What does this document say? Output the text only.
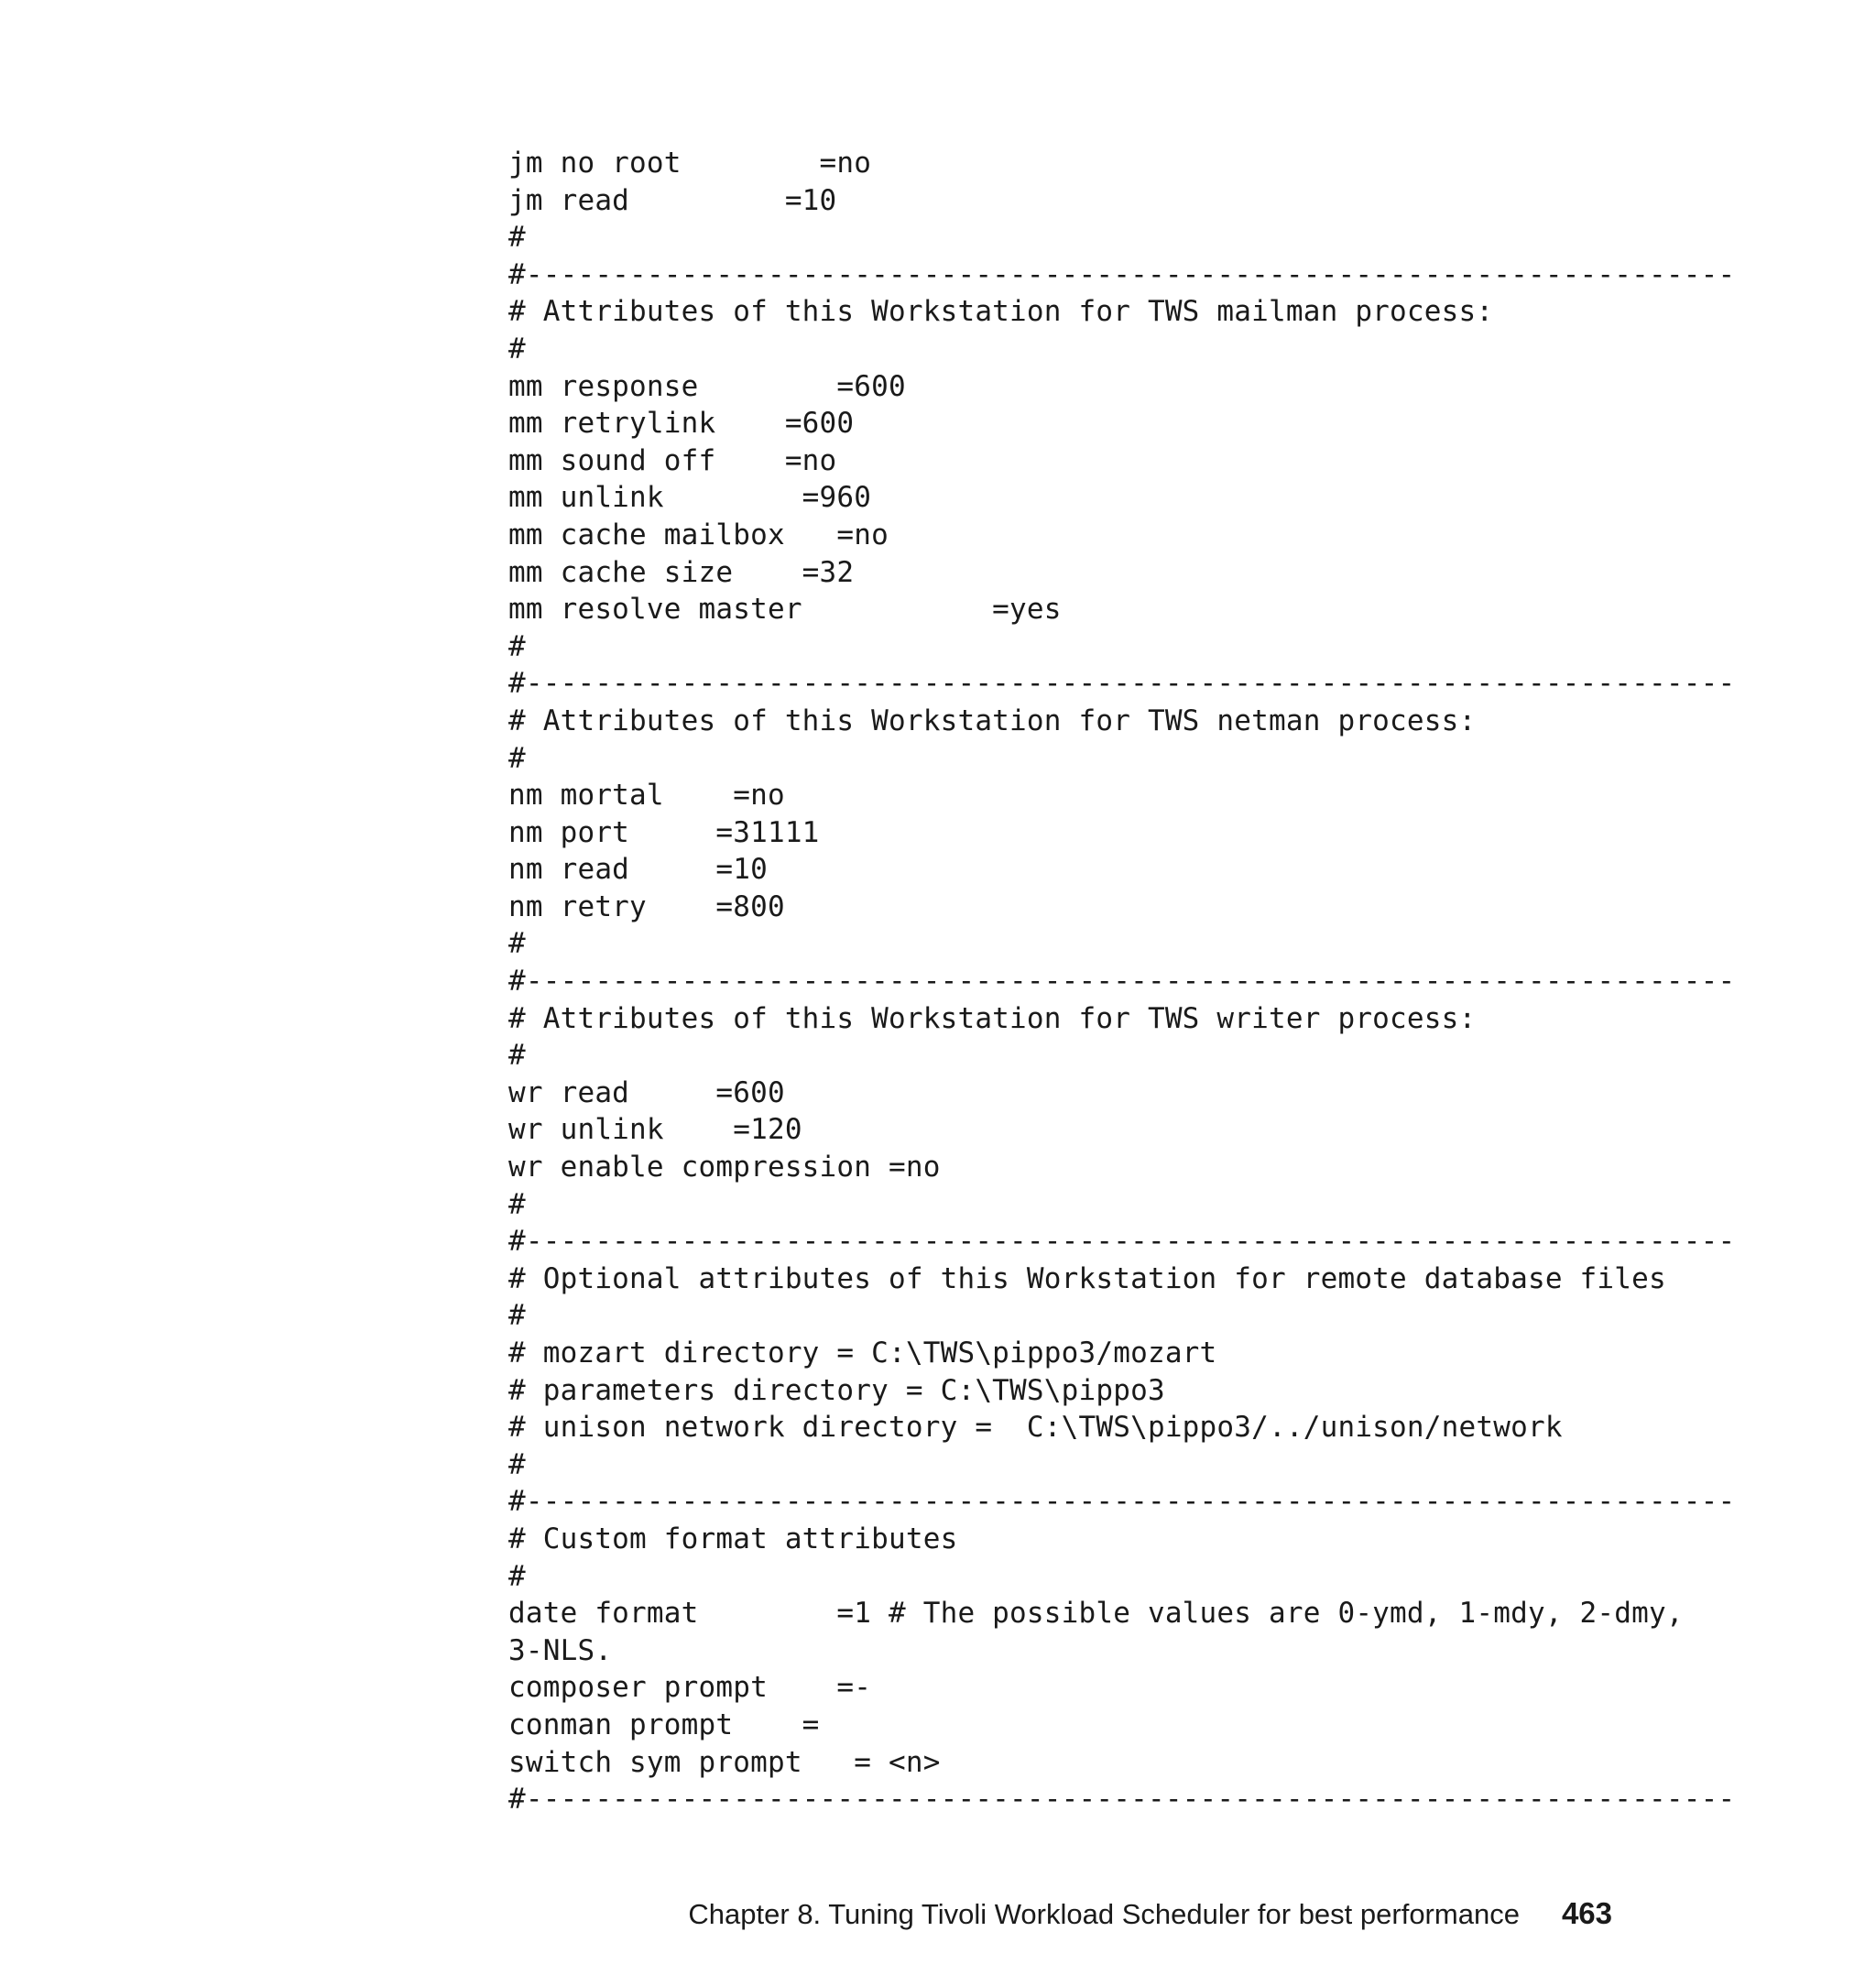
jm no root        =no
jm read         =10
#
#----------------------------------------------------------------------
# Attributes of this Workstation for TWS mailman process:
#
mm response        =600
mm retrylink    =600
mm sound off    =no
mm unlink        =960
mm cache mailbox   =no
mm cache size    =32
mm resolve master           =yes
#
#----------------------------------------------------------------------
# Attributes of this Workstation for TWS netman process:
#
nm mortal    =no
nm port     =31111
nm read     =10
nm retry    =800
#
#----------------------------------------------------------------------
# Attributes of this Workstation for TWS writer process:
#
wr read     =600
wr unlink    =120
wr enable compression =no
#
#----------------------------------------------------------------------
# Optional attributes of this Workstation for remote database files
#
# mozart directory = C:\TWS\pippo3/mozart
# parameters directory = C:\TWS\pippo3
# unison network directory =  C:\TWS\pippo3/../unison/network
#
#----------------------------------------------------------------------
# Custom format attributes
#
date format        =1 # The possible values are 0-ymd, 1-mdy, 2-dmy,
3-NLS.
composer prompt    =-
conman prompt    =
switch sym prompt   = <n>
#----------------------------------------------------------------------
Chapter 8. Tuning Tivoli Workload Scheduler for best performance 463
